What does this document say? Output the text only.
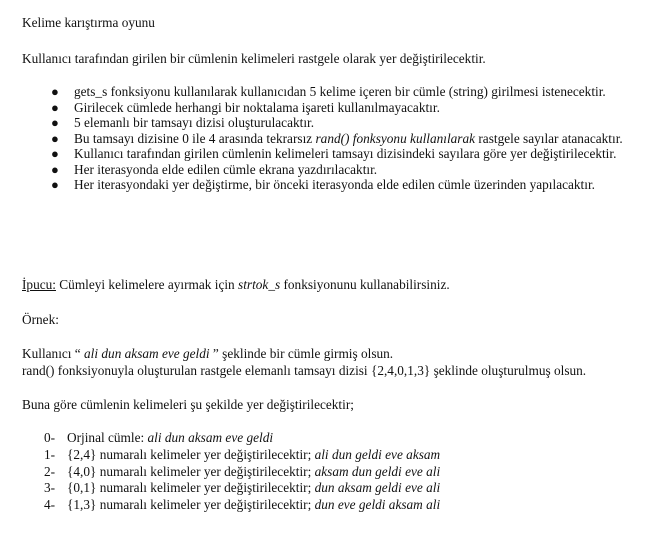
Kelime karıştırma oyunu

Kullanıcı tarafından girilen bir cümlenin kelimeleri rastgele olarak yer değiştirilecektir.

● gets_s fonksiyonu kullanılarak kullanıcıdan 5 kelime içeren bir cümle (string) girilmesi istenecektir.
● Girilecek cümlede herhangi bir noktalama işareti kullanılmayacaktır.
● 5 elemanlı bir tamsayı dizisi oluşturulacaktır.
● Bu tamsayı dizisine 0 ile 4 arasında tekrarsız rand() fonksyonu kullanılarak rastgele sayılar atanacaktır.
● Kullanıcı tarafından girilen cümlenin kelimeleri tamsayı dizisindeki sayılara göre yer değiştirilecektir.
● Her iterasyonda elde edilen cümle ekrana yazdırılacaktır.
● Her iterasyondaki yer değiştirme, bir önceki iterasyonda elde edilen cümle üzerinden yapılacaktır.

İpucu: Cümleyi kelimelere ayırmak için strtok_s fonksiyonunu kullanabilirsiniz.

Örnek:

Kullanıcı “ ali dun aksam eve geldi ” şeklinde bir cümle girmiş olsun.

rand() fonksiyonuyla oluşturulan rastgele elemanlı tamsayı dizisi {2,4,0,1,3} şeklinde oluşturulmuş olsun.

Buna göre cümlenin kelimeleri şu şekilde yer değiştirilecektir;

0- Orjinal cümle: ali dun aksam eve geldi
1- {2,4} numaralı kelimeler yer değiştirilecektir; ali dun geldi eve aksam
2- {4,0} numaralı kelimeler yer değiştirilecektir; aksam dun geldi eve ali
3- {0,1} numaralı kelimeler yer değiştirilecektir; dun aksam geldi eve ali
4- {1,3} numaralı kelimeler yer değiştirilecektir; dun eve geldi aksam ali
